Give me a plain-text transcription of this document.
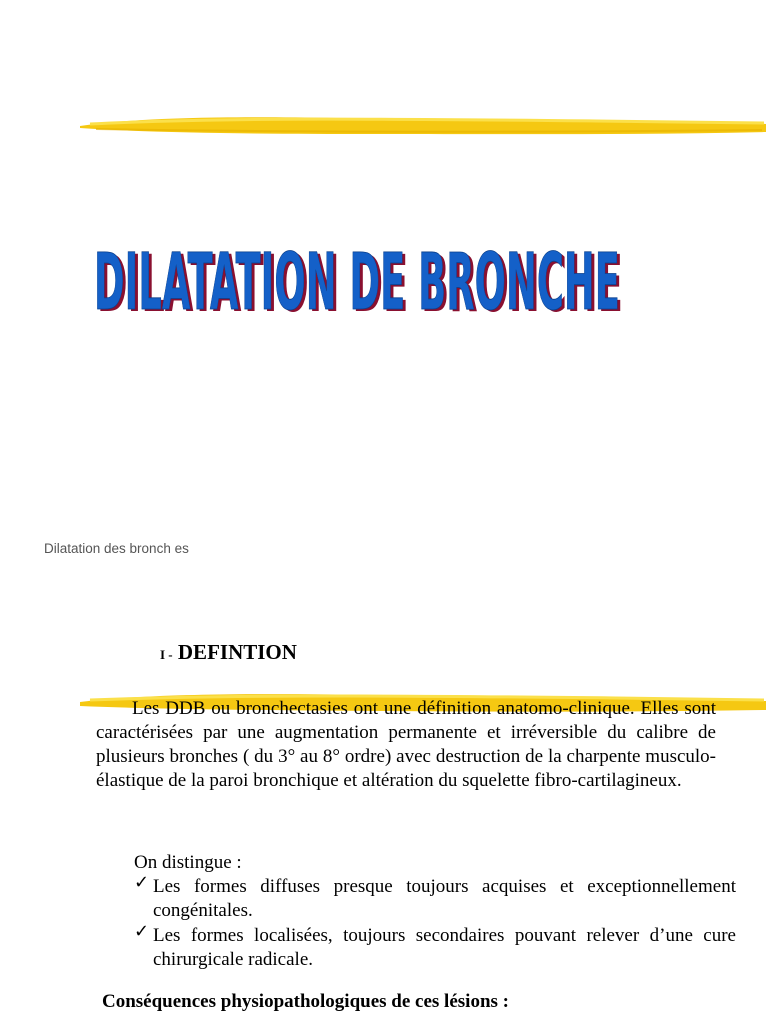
DILATATION DE BRONCHE
DILATATION DE BRONCHE
Dilatation des bronch es
I - DEFINTION
Les DDB ou bronchectasies ont une définition anatomo-clinique. Elles sont caractérisées par une augmentation permanente et irréversible du calibre de plusieurs bronches ( du 3° au 8° ordre) avec destruction de la charpente musculo-élastique de la paroi bronchique et altération du squelette fibro-cartilagineux.
On distingue :
✓ Les formes diffuses presque toujours acquises et exceptionnellement congénitales.
✓ Les formes localisées, toujours secondaires pouvant relever d’une cure chirurgicale radicale.
Conséquences physiopathologiques de ces lésions :
